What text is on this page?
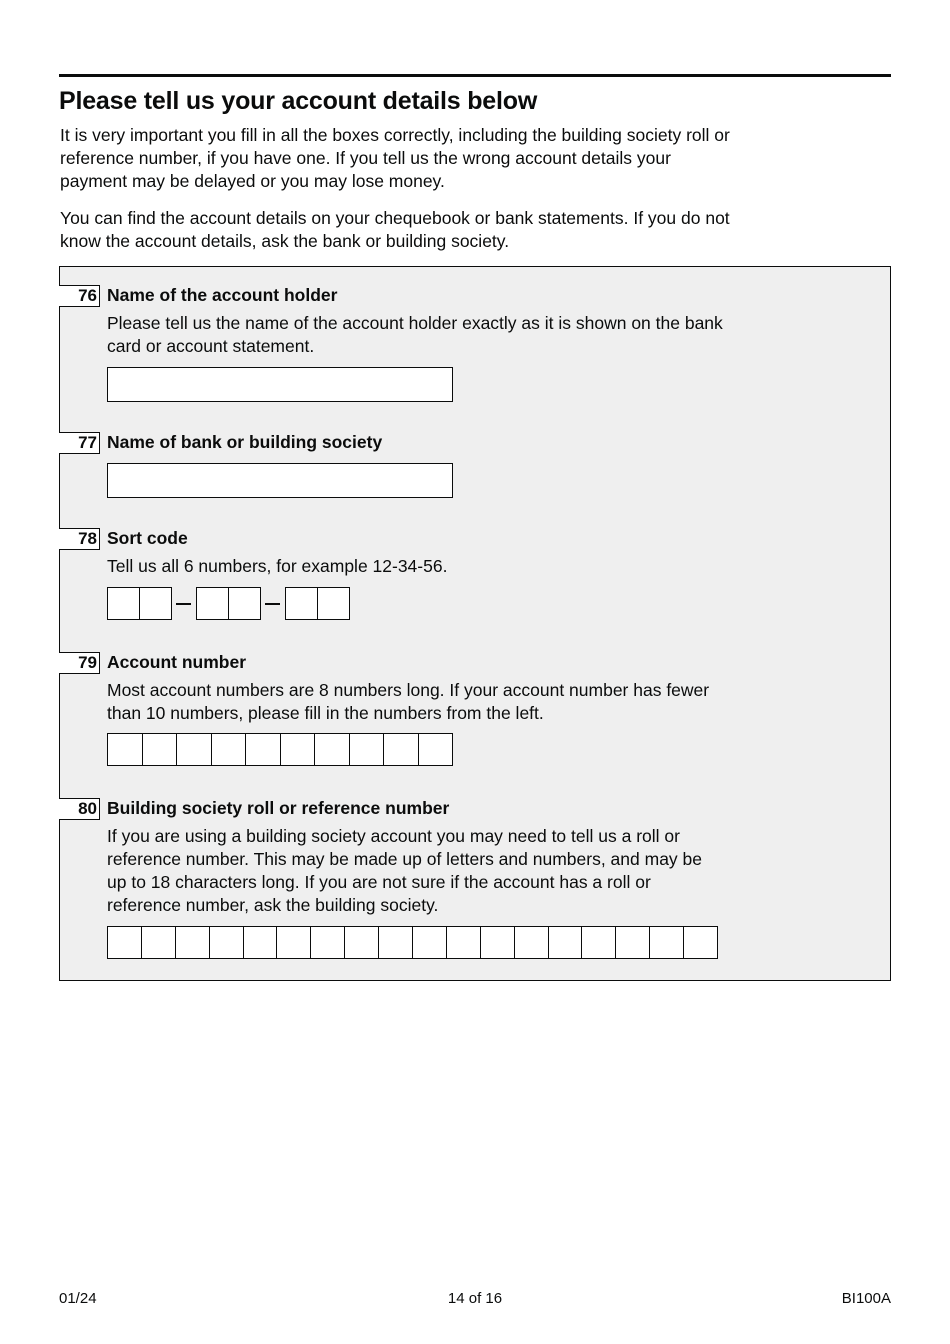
Please tell us your account details below

It is very important you fill in all the boxes correctly, including the building society roll or reference number, if you have one. If you tell us the wrong account details your payment may be delayed or you may lose money.

You can find the account details on your chequebook or bank statements. If you do not know the account details, ask the bank or building society.

76 Name of the account holder

Please tell us the name of the account holder exactly as it is shown on the bank card or account statement.

77 Name of bank or building society

78 Sort code

Tell us all 6 numbers, for example 12-34-56.

79 Account number

Most account numbers are 8 numbers long. If your account number has fewer than 10 numbers, please fill in the numbers from the left.

80 Building society roll or reference number

If you are using a building society account you may need to tell us a roll or reference number. This may be made up of letters and numbers, and may be up to 18 characters long. If you are not sure if the account has a roll or reference number, ask the building society.

01/24	14 of 16	BI100A
